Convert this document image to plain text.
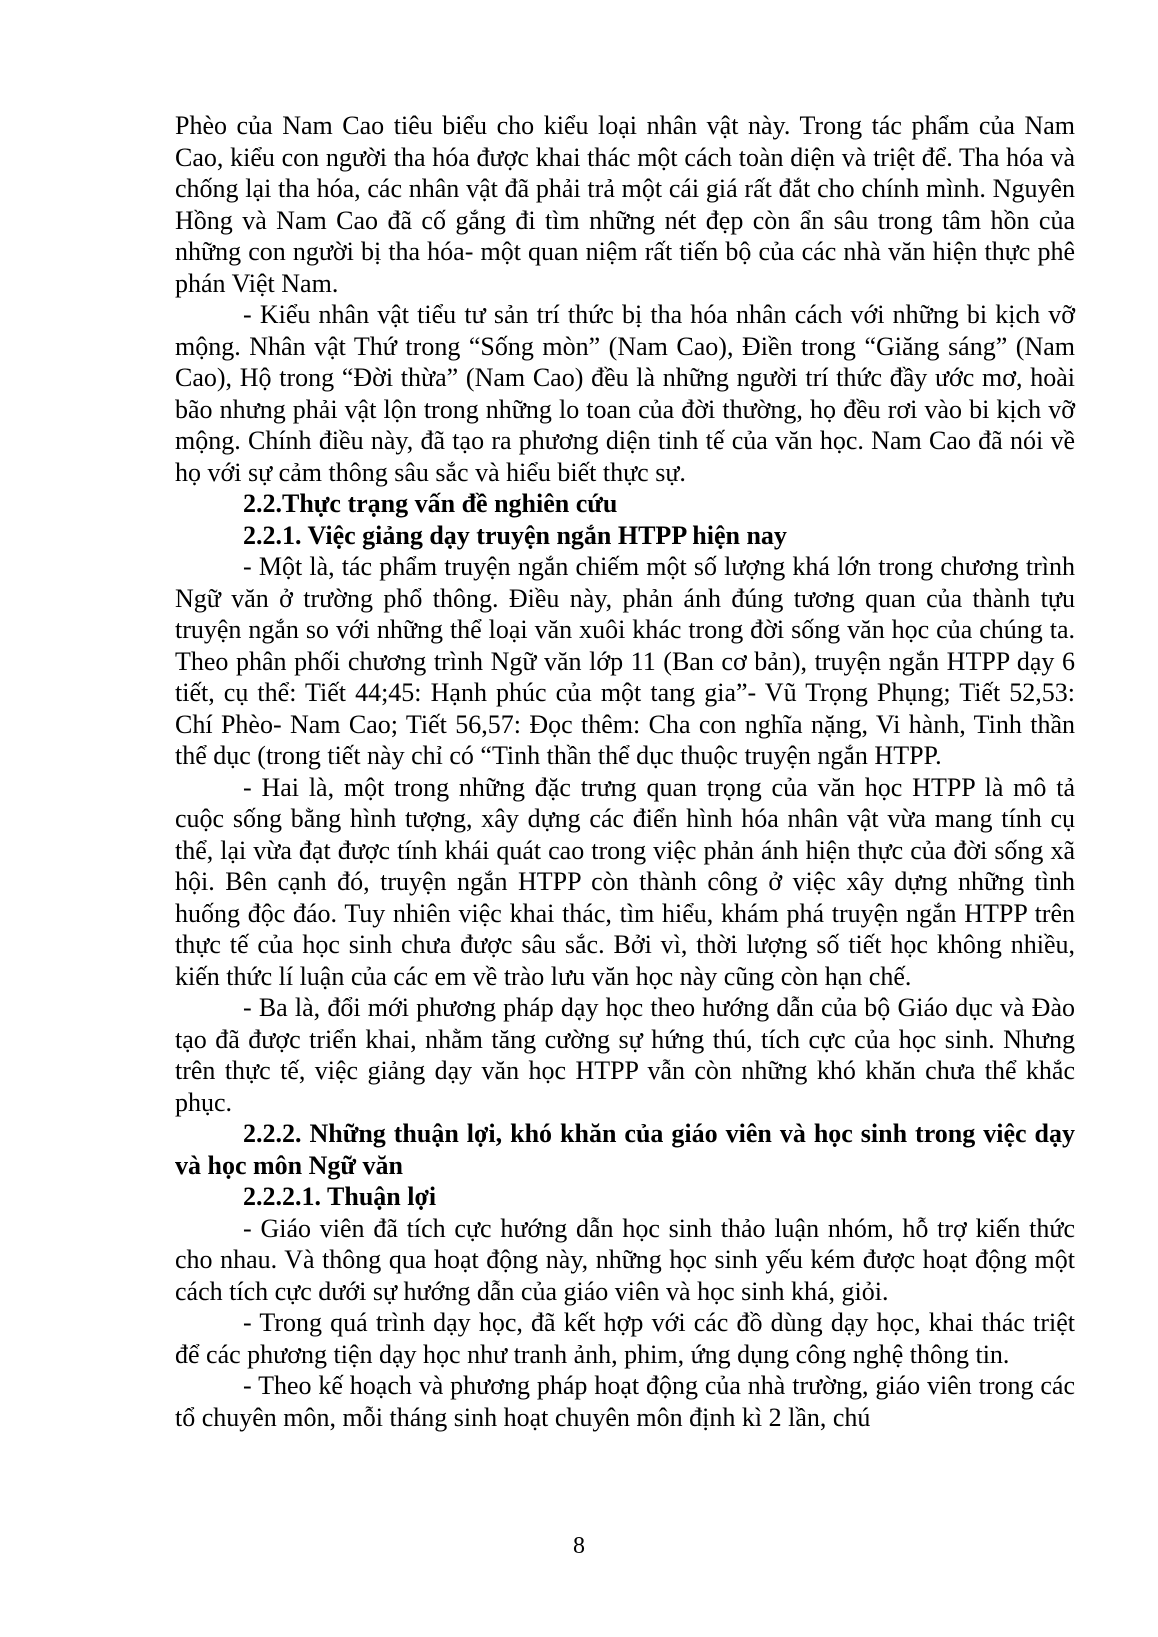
Phèo của Nam Cao tiêu biểu cho kiểu loại nhân vật này. Trong tác phẩm của Nam Cao, kiểu con người tha hóa được khai thác một cách toàn diện và triệt để. Tha hóa và chống lại tha hóa, các nhân vật đã phải trả một cái giá rất đắt cho chính mình. Nguyên Hồng và Nam Cao đã cố gắng đi tìm những nét đẹp còn ẩn sâu trong tâm hồn của những con người bị tha hóa- một quan niệm rất tiến bộ của các nhà văn hiện thực phê phán Việt Nam.

- Kiểu nhân vật tiểu tư sản trí thức bị tha hóa nhân cách với những bi kịch vỡ mộng. Nhân vật Thứ trong “Sống mòn” (Nam Cao), Điền trong “Giăng sáng” (Nam Cao), Hộ trong “Đời thừa” (Nam Cao) đều là những người trí thức đầy ước mơ, hoài bão nhưng phải vật lộn trong những lo toan của đời thường, họ đều rơi vào bi kịch vỡ mộng. Chính điều này, đã tạo ra phương diện tinh tế của văn học. Nam Cao đã nói về họ với sự cảm thông sâu sắc và hiểu biết thực sự.

2.2.Thực trạng vấn đề nghiên cứu

2.2.1. Việc giảng dạy truyện ngắn HTPP hiện nay

- Một là, tác phẩm truyện ngắn chiếm một số lượng khá lớn trong chương trình Ngữ văn ở trường phổ thông. Điều này, phản ánh đúng tương quan của thành tựu truyện ngắn so với những thể loại văn xuôi khác trong đời sống văn học của chúng ta. Theo phân phối chương trình Ngữ văn lớp 11 (Ban cơ bản), truyện ngắn HTPP dạy 6 tiết, cụ thể: Tiết 44;45: Hạnh phúc của một tang gia”- Vũ Trọng Phụng; Tiết 52,53: Chí Phèo- Nam Cao; Tiết 56,57: Đọc thêm: Cha con nghĩa nặng, Vi hành, Tinh thần thể dục (trong tiết này chỉ có “Tinh thần thể dục thuộc truyện ngắn HTPP.

- Hai là, một trong những đặc trưng quan trọng của văn học HTPP là mô tả cuộc sống bằng hình tượng, xây dựng các điển hình hóa nhân vật vừa mang tính cụ thể, lại vừa đạt được tính khái quát cao trong việc phản ánh hiện thực của đời sống xã hội. Bên cạnh đó, truyện ngắn HTPP còn thành công ở việc xây dựng những tình huống độc đáo. Tuy nhiên việc khai thác, tìm hiểu, khám phá truyện ngắn HTPP trên thực tế của học sinh chưa được sâu sắc. Bởi vì, thời lượng số tiết học không nhiều, kiến thức lí luận của các em về trào lưu văn học này cũng còn hạn chế.

- Ba là, đổi mới phương pháp dạy học theo hướng dẫn của bộ Giáo dục và Đào tạo đã được triển khai, nhằm tăng cường sự hứng thú, tích cực của học sinh. Nhưng trên thực tế, việc giảng dạy văn học HTPP vẫn còn những khó khăn chưa thể khắc phục.

2.2.2. Những thuận lợi, khó khăn của giáo viên và học sinh trong việc dạy và học môn Ngữ văn

2.2.2.1. Thuận lợi

- Giáo viên đã tích cực hướng dẫn học sinh thảo luận nhóm, hỗ trợ kiến thức cho nhau. Và thông qua hoạt động này, những học sinh yếu kém được hoạt động một cách tích cực dưới sự hướng dẫn của giáo viên và học sinh khá, giỏi.

- Trong quá trình dạy học, đã kết hợp với các đồ dùng dạy học, khai thác triệt để các phương tiện dạy học như tranh ảnh, phim, ứng dụng công nghệ thông tin.

- Theo kế hoạch và phương pháp hoạt động của nhà trường, giáo viên trong các tổ chuyên môn, mỗi tháng sinh hoạt chuyên môn định kì 2 lần, chú

8
